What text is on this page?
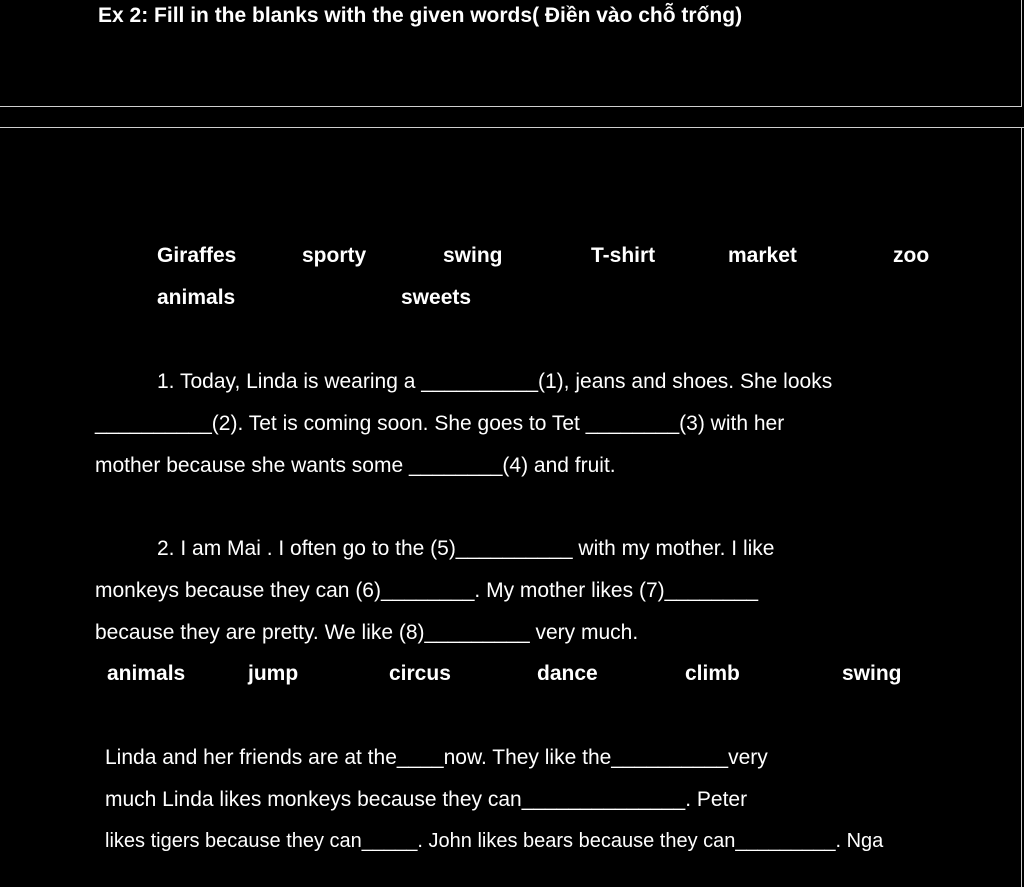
Ex 2: Fill in the blanks with the given words( Điền vào chỗ trống)
Giraffes	sporty	swing	T-shirt	market	zoo
animals	sweets
1. Today, Linda is wearing a __________(1), jeans and shoes. She looks
__________(2). Tet is coming soon. She goes to Tet ________(3) with her
mother because she wants some ________(4) and fruit.
2. I am Mai . I often go to the (5)__________ with my mother. I like
monkeys because they can (6)________. My mother likes (7)________
because they are pretty. We like (8)_________ very much.
animals	jump	circus	dance	climb	swing
Linda and her friends are at the____now. They like the__________very
much Linda likes monkeys because they can______________. Peter
likes tigers because they can_____. John likes bears because they can_________. Nga
